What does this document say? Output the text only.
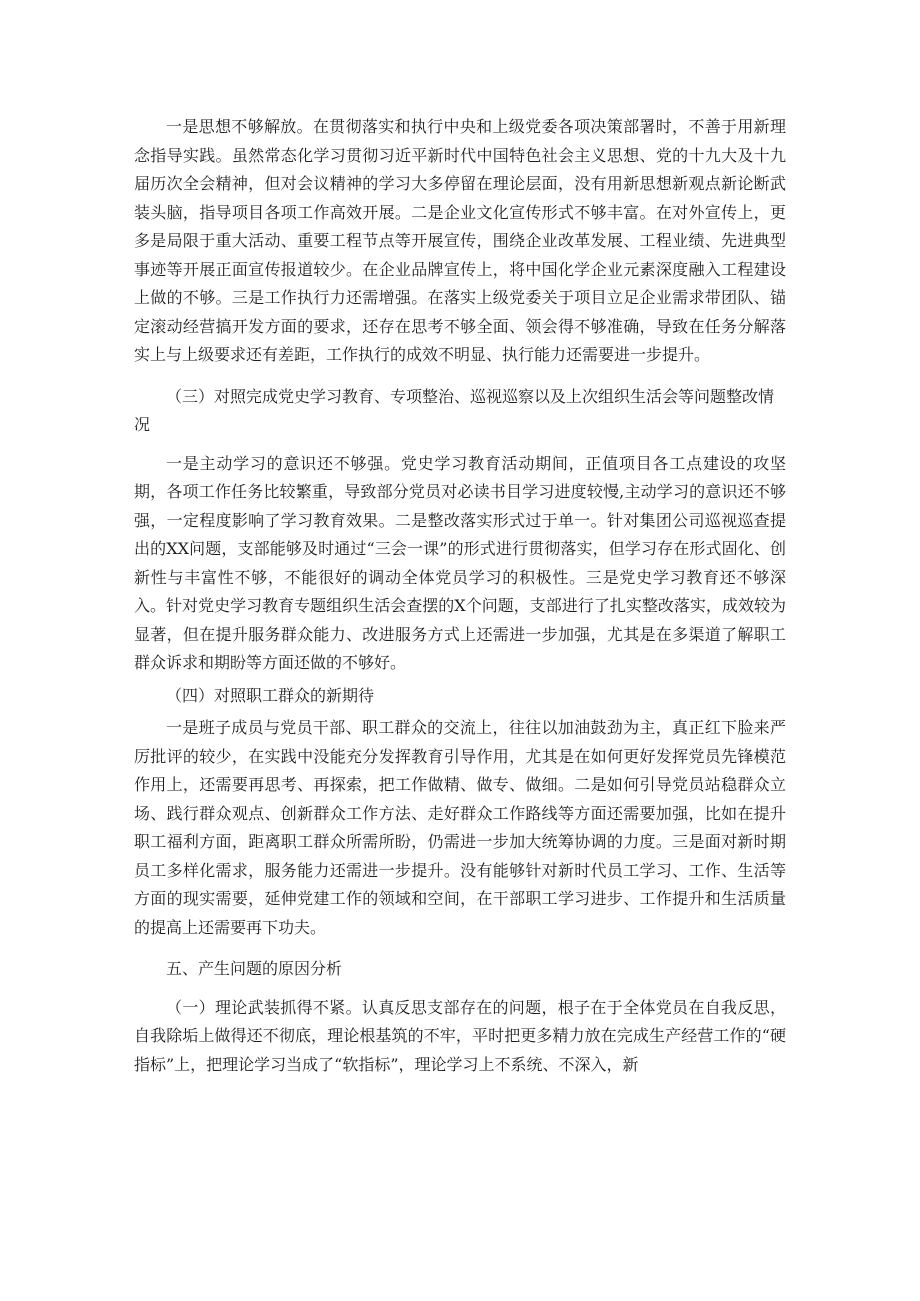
一是思想不够解放。在贯彻落实和执行中央和上级党委各项决策部署时，不善于用新理念指导实践。虽然常态化学习贯彻习近平新时代中国特色社会主义思想、党的十九大及十九届历次全会精神，但对会议精神的学习大多停留在理论层面，没有用新思想新观点新论断武装头脑，指导项目各项工作高效开展。二是企业文化宣传形式不够丰富。在对外宣传上，更多是局限于重大活动、重要工程节点等开展宣传，围绕企业改革发展、工程业绩、先进典型事迹等开展正面宣传报道较少。在企业品牌宣传上，将中国化学企业元素深度融入工程建设上做的不够。三是工作执行力还需增强。在落实上级党委关于项目立足企业需求带团队、锚定滚动经营搞开发方面的要求，还存在思考不够全面、领会得不够准确，导致在任务分解落实上与上级要求还有差距，工作执行的成效不明显、执行能力还需要进一步提升。

（三）对照完成党史学习教育、专项整治、巡视巡察以及上次组织生活会等问题整改情况

一是主动学习的意识还不够强。党史学习教育活动期间，正值项目各工点建设的攻坚期，各项工作任务比较繁重，导致部分党员对必读书目学习进度较慢,主动学习的意识还不够强，一定程度影响了学习教育效果。二是整改落实形式过于单一。针对集团公司巡视巡查提出的XX问题，支部能够及时通过“三会一课”的形式进行贯彻落实，但学习存在形式固化、创新性与丰富性不够，不能很好的调动全体党员学习的积极性。三是党史学习教育还不够深入。针对党史学习教育专题组织生活会查摆的X个问题，支部进行了扎实整改落实，成效较为显著，但在提升服务群众能力、改进服务方式上还需进一步加强，尤其是在多渠道了解职工群众诉求和期盼等方面还做的不够好。

（四）对照职工群众的新期待

一是班子成员与党员干部、职工群众的交流上，往往以加油鼓劲为主，真正红下脸来严厉批评的较少，在实践中没能充分发挥教育引导作用，尤其是在如何更好发挥党员先锋模范作用上，还需要再思考、再探索，把工作做精、做专、做细。二是如何引导党员站稳群众立场、践行群众观点、创新群众工作方法、走好群众工作路线等方面还需要加强，比如在提升职工福利方面，距离职工群众所需所盼，仍需进一步加大统筹协调的力度。三是面对新时期员工多样化需求，服务能力还需进一步提升。没有能够针对新时代员工学习、工作、生活等方面的现实需要，延伸党建工作的领域和空间，在干部职工学习进步、工作提升和生活质量的提高上还需要再下功夫。

五、产生问题的原因分析

（一）理论武装抓得不紧。认真反思支部存在的问题，根子在于全体党员在自我反思，自我除垢上做得还不彻底，理论根基筑的不牢，平时把更多精力放在完成生产经营工作的“硬指标”上，把理论学习当成了“软指标”，理论学习上不系统、不深入，新
